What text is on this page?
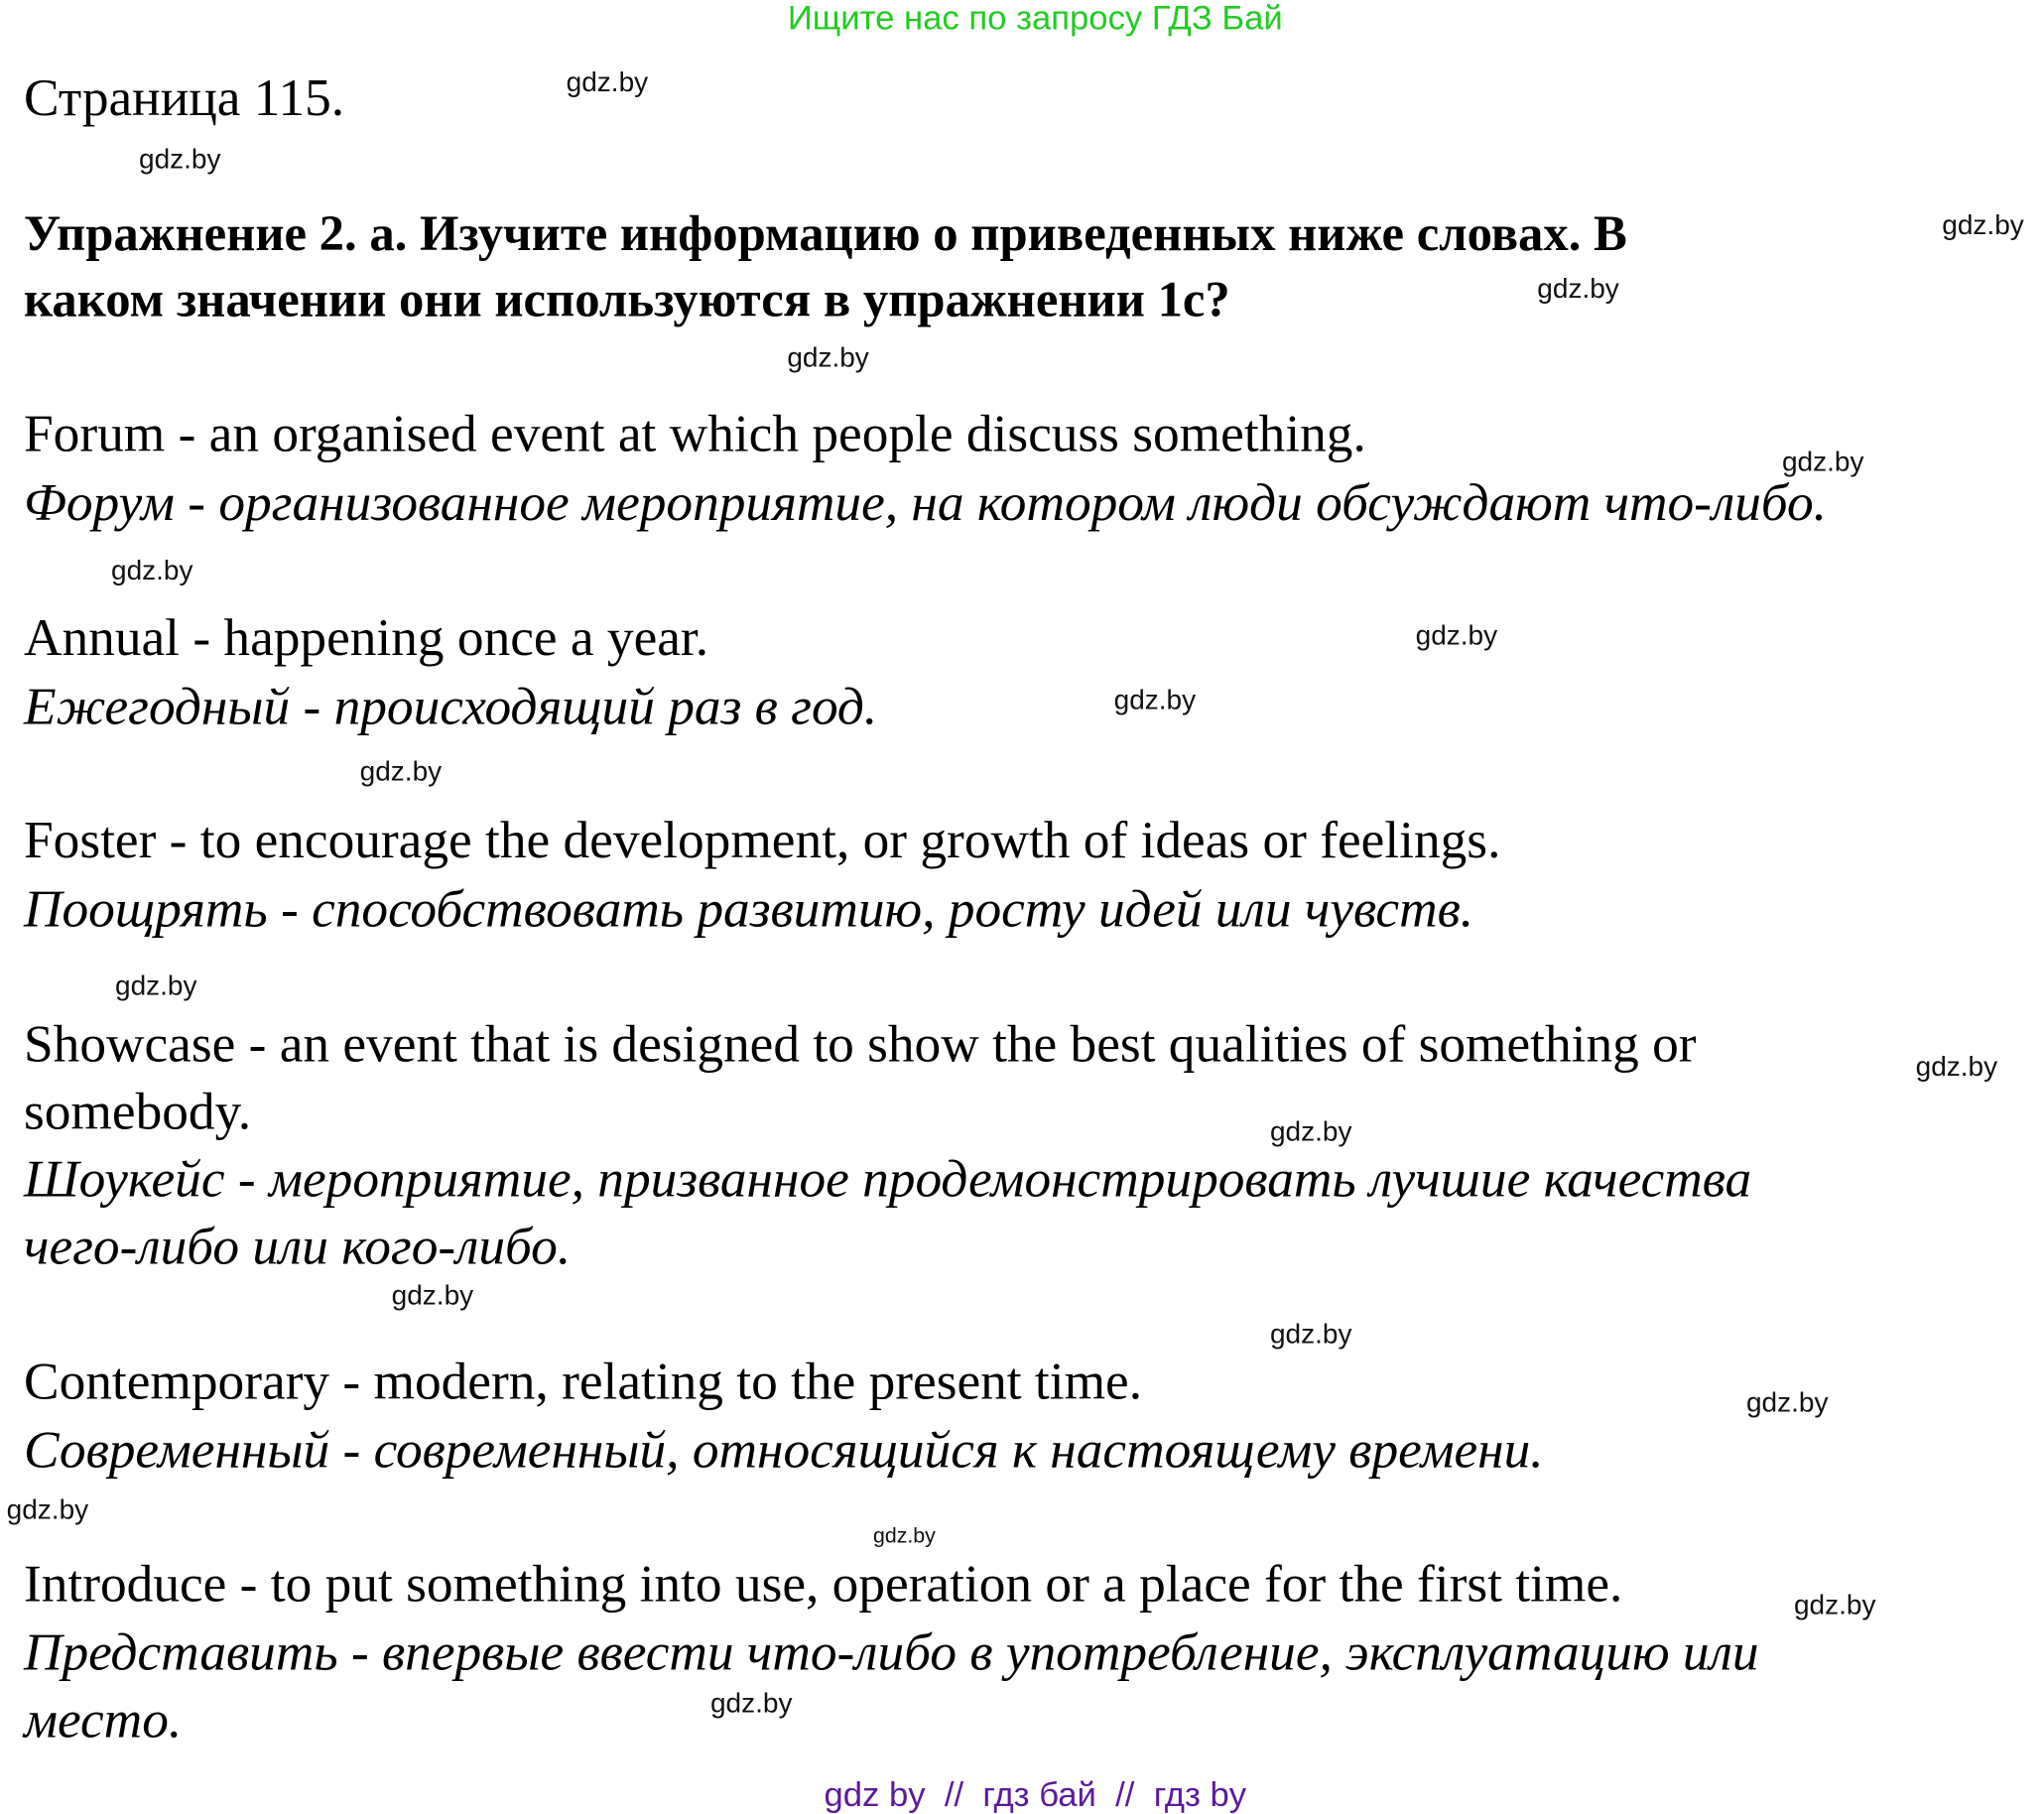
Ищите нас по запросу ГДЗ Бай
Страница 115.
Упражнение 2. а. Изучите информацию о приведенных ниже словах. В
каком значении они используются в упражнении 1с?
Forum - an organised event at which people discuss something.
Форум - организованное мероприятие, на котором люди обсуждают что-либо.
Annual - happening once a year.
Ежегодный - происходящий раз в год.
Foster - to encourage the development, or growth of ideas or feelings.
Поощрять - способствовать развитию, росту идей или чувств.
Showcase - an event that is designed to show the best qualities of something or
somebody.
Шоукейс - мероприятие, призванное продемонстрировать лучшие качества
чего-либо или кого-либо.
Contemporary - modern, relating to the present time.
Современный - современный, относящийся к настоящему времени.
Introduce - to put something into use, operation or a place for the first time.
Представить - впервые ввести что-либо в употребление, эксплуатацию или
место.
gdz.by
gdz.by
gdz.by
gdz.by
gdz.by
gdz.by
gdz.by
gdz.by
gdz.by
gdz.by
gdz.by
gdz.by
gdz.by
gdz.by
gdz.by
gdz.by
gdz.by
gdz.by
gdz.by
gdz.by
gdz by  //  гдз бай  //  гдз by
